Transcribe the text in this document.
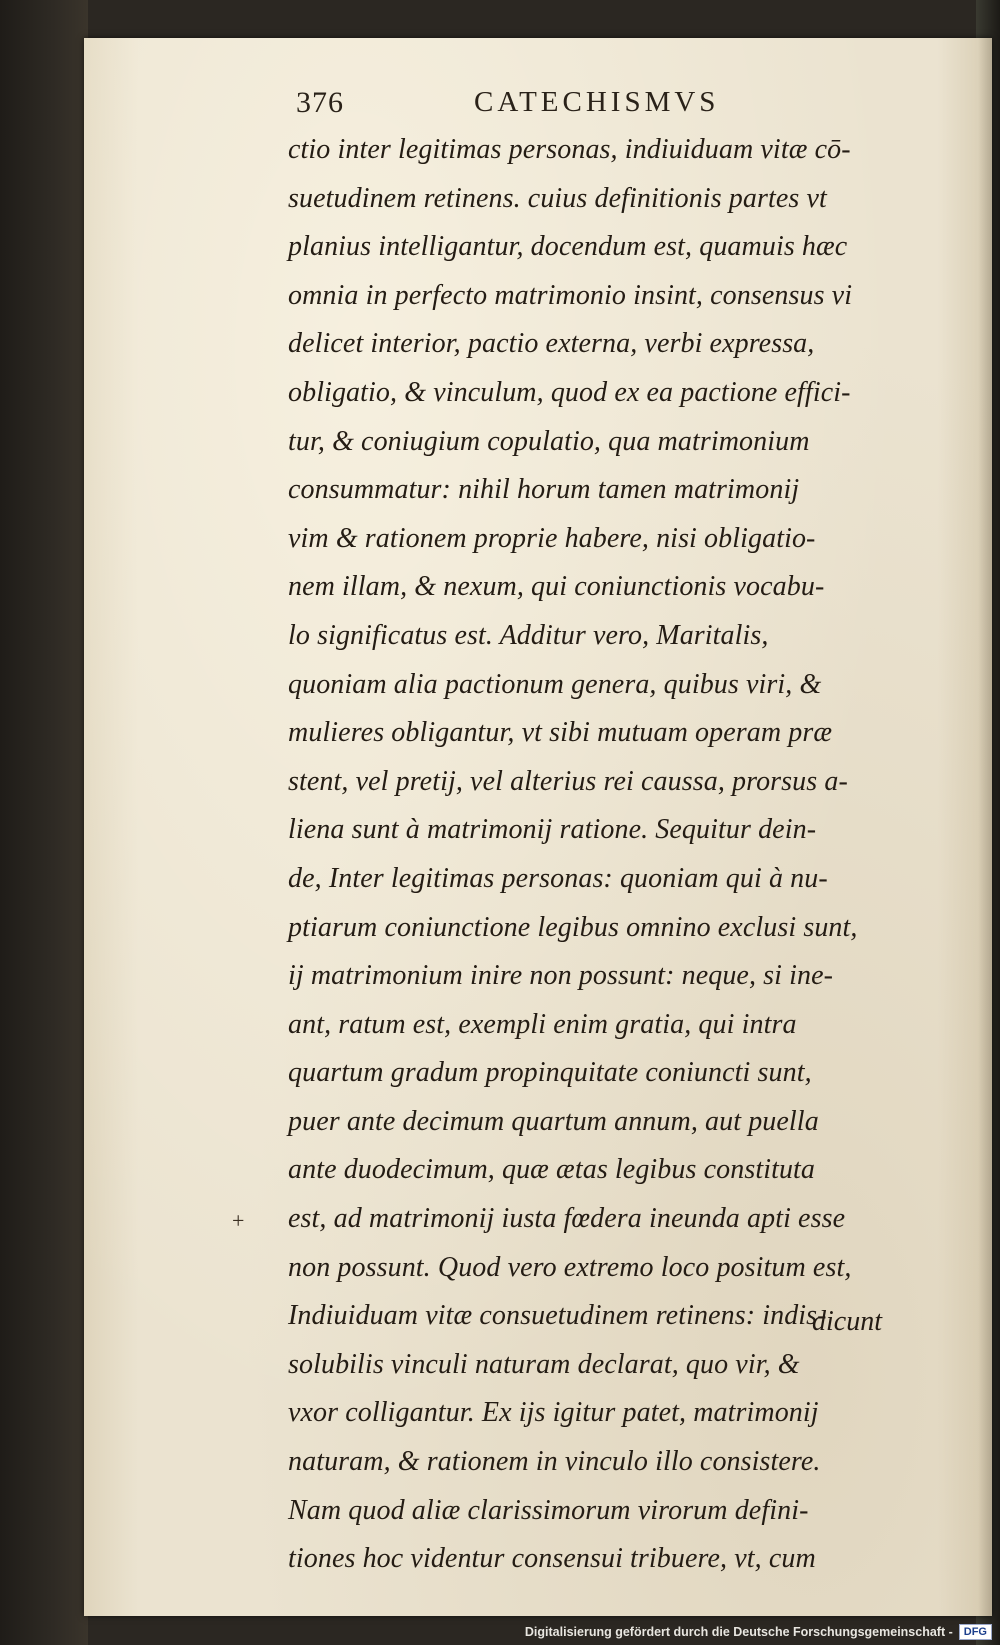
376	CATECHISMVS
ctio inter legitimas personas, indiuiduam vitæ cō-
suetudinem retinens. cuius definitionis partes vt
planius intelligantur, docendum est, quamuis hæc
omnia in perfecto matrimonio insint, consensus vi
delicet interior, pactio externa, verbi expressa,
obligatio, & vinculum, quod ex ea pactione effici-
tur, & coniugium copulatio, qua matrimonium
consummatur: nihil horum tamen matrimonij
vim & rationem proprie habere, nisi obligatio-
nem illam, & nexum, qui coniunctionis vocabu-
lo significatus est. Additur vero, Maritalis,
quoniam alia pactionum genera, quibus viri, &
mulieres obligantur, vt sibi mutuam operam præ
stent, vel pretij, vel alterius rei caussa, prorsus a-
liena sunt à matrimonij ratione. Sequitur dein-
de, Inter legitimas personas: quoniam qui à nu-
ptiarum coniunctione legibus omnino exclusi sunt,
ij matrimonium inire non possunt: neque, si ine-
ant, ratum est, exempli enim gratia, qui intra
quartum gradum propinquitate coniuncti sunt,
puer ante decimum quartum annum, aut puella
ante duodecimum, quæ ætas legibus constituta
est, ad matrimonij iusta fœdera ineunda apti esse
non possunt. Quod vero extremo loco positum est,
Indiuiduam vitæ consuetudinem retinens: indis-
solubilis vinculi naturam declarat, quo vir, &
vxor colligantur. Ex ijs igitur patet, matrimonij
naturam, & rationem in vinculo illo consistere.
Nam quod aliæ clarissimorum virorum defini-
tiones hoc videntur consensui tribuere, vt, cum
+
dicunt
Digitalisierung gefördert durch die Deutsche Forschungsgemeinschaft -	DFG
